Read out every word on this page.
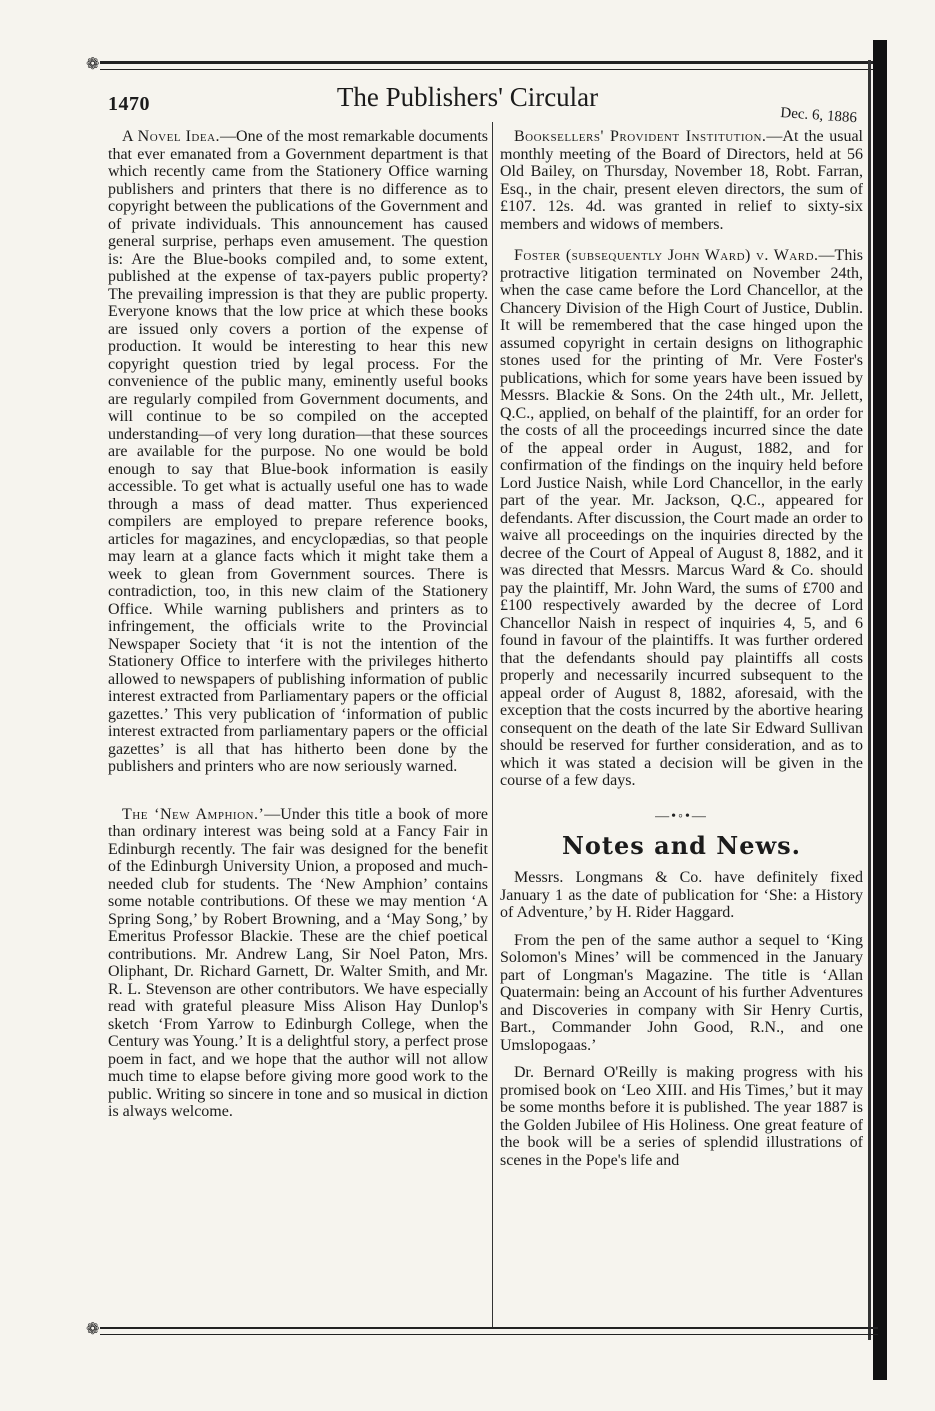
❁
1470	The Publishers' Circular
Dec. 6, 1886

A Novel Idea.—One of the most remarkable documents that ever emanated from a Government department is that which recently came from the Stationery Office warning publishers and printers that there is no difference as to copyright between the publications of the Government and of private individuals. This announcement has caused general surprise, perhaps even amusement. The question is: Are the Blue-books compiled and, to some extent, published at the expense of tax-payers public property? The prevailing impression is that they are public property. Everyone knows that the low price at which these books are issued only covers a portion of the expense of production. It would be interesting to hear this new copyright question tried by legal process. For the convenience of the public many, eminently useful books are regularly compiled from Government documents, and will continue to be so compiled on the accepted understanding—of very long duration—that these sources are available for the purpose. No one would be bold enough to say that Blue-book information is easily accessible. To get what is actually useful one has to wade through a mass of dead matter. Thus experienced compilers are employed to prepare reference books, articles for magazines, and encyclopædias, so that people may learn at a glance facts which it might take them a week to glean from Government sources. There is contradiction, too, in this new claim of the Stationery Office. While warning publishers and printers as to infringement, the officials write to the Provincial Newspaper Society that ‘it is not the intention of the Stationery Office to interfere with the privileges hitherto allowed to newspapers of publishing information of public interest extracted from Parliamentary papers or the official gazettes.’ This very publication of ‘information of public interest extracted from parliamentary papers or the official gazettes’ is all that has hitherto been done by the publishers and printers who are now seriously warned.

The ‘New Amphion.’—Under this title a book of more than ordinary interest was being sold at a Fancy Fair in Edinburgh recently. The fair was designed for the benefit of the Edinburgh University Union, a proposed and much-needed club for students. The ‘New Amphion’ contains some notable contributions. Of these we may mention ‘A Spring Song,’ by Robert Browning, and a ‘May Song,’ by Emeritus Professor Blackie. These are the chief poetical contributions. Mr. Andrew Lang, Sir Noel Paton, Mrs. Oliphant, Dr. Richard Garnett, Dr. Walter Smith, and Mr. R. L. Stevenson are other contributors. We have especially read with grateful pleasure Miss Alison Hay Dunlop's sketch ‘From Yarrow to Edinburgh College, when the Century was Young.’ It is a delightful story, a perfect prose poem in fact, and we hope that the author will not allow much time to elapse before giving more good work to the public. Writing so sincere in tone and so musical in diction is always welcome.

Booksellers' Provident Institution.—At the usual monthly meeting of the Board of Directors, held at 56 Old Bailey, on Thursday, November 18, Robt. Farran, Esq., in the chair, present eleven directors, the sum of £107. 12s. 4d. was granted in relief to sixty-six members and widows of members.

Foster (subsequently John Ward) v. Ward.—This protractive litigation terminated on November 24th, when the case came before the Lord Chancellor, at the Chancery Division of the High Court of Justice, Dublin. It will be remembered that the case hinged upon the assumed copyright in certain designs on lithographic stones used for the printing of Mr. Vere Foster's publications, which for some years have been issued by Messrs. Blackie & Sons. On the 24th ult., Mr. Jellett, Q.C., applied, on behalf of the plaintiff, for an order for the costs of all the proceedings incurred since the date of the appeal order in August, 1882, and for confirmation of the findings on the inquiry held before Lord Justice Naish, while Lord Chancellor, in the early part of the year. Mr. Jackson, Q.C., appeared for defendants. After discussion, the Court made an order to waive all proceedings on the inquiries directed by the decree of the Court of Appeal of August 8, 1882, and it was directed that Messrs. Marcus Ward & Co. should pay the plaintiff, Mr. John Ward, the sums of £700 and £100 respectively awarded by the decree of Lord Chancellor Naish in respect of inquiries 4, 5, and 6 found in favour of the plaintiffs. It was further ordered that the defendants should pay plaintiffs all costs properly and necessarily incurred subsequent to the appeal order of August 8, 1882, aforesaid, with the exception that the costs incurred by the abortive hearing consequent on the death of the late Sir Edward Sullivan should be reserved for further consideration, and as to which it was stated a decision will be given in the course of a few days.

—•◦•—
Notes and News.

Messrs. Longmans & Co. have definitely fixed January 1 as the date of publication for ‘She: a History of Adventure,’ by H. Rider Haggard.

From the pen of the same author a sequel to ‘King Solomon's Mines’ will be commenced in the January part of Longman's Magazine. The title is ‘Allan Quatermain: being an Account of his further Adventures and Discoveries in company with Sir Henry Curtis, Bart., Commander John Good, R.N., and one Umslopogaas.’

Dr. Bernard O'Reilly is making progress with his promised book on ‘Leo XIII. and His Times,’ but it may be some months before it is published. The year 1887 is the Golden Jubilee of His Holiness. One great feature of the book will be a series of splendid illustrations of scenes in the Pope's life and

❁
